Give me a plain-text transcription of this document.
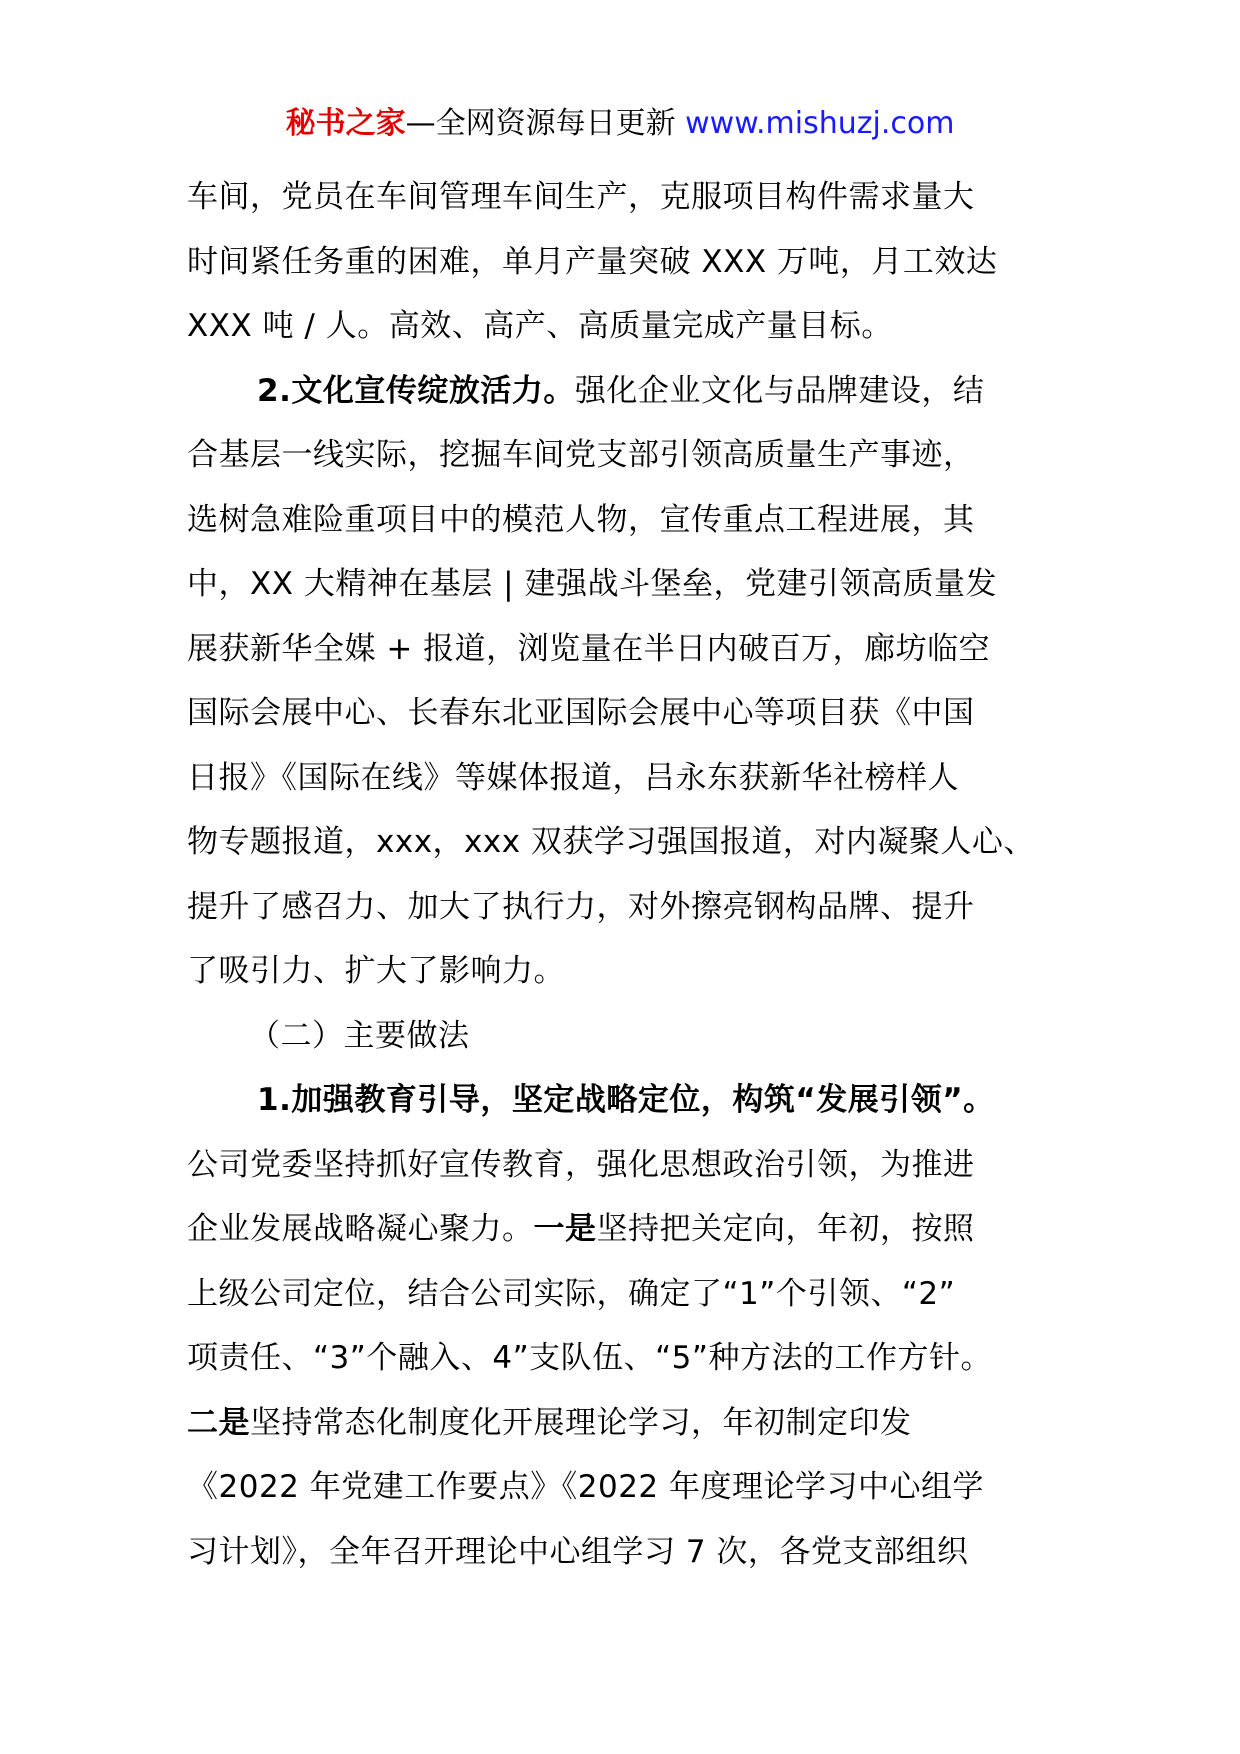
秘书之家—全网资源每日更新 www.mishuzj.com
车间，党员在车间管理车间生产，克服项目构件需求量大
时间紧任务重的困难，单月产量突破 XXX 万吨，月工效达
XXX 吨 / 人。高效、高产、高质量完成产量目标。
2.文化宣传绽放活力。强化企业文化与品牌建设，结
合基层一线实际，挖掘车间党支部引领高质量生产事迹，
选树急难险重项目中的模范人物，宣传重点工程进展，其
中，XX 大精神在基层 | 建强战斗堡垒，党建引领高质量发
展获新华全媒 + 报道，浏览量在半日内破百万，廊坊临空
国际会展中心、长春东北亚国际会展中心等项目获《中国
日报》《国际在线》等媒体报道，吕永东获新华社榜样人
物专题报道，xxx，xxx 双获学习强国报道，对内凝聚人心、
提升了感召力、加大了执行力，对外擦亮钢构品牌、提升
了吸引力、扩大了影响力。
（二）主要做法
1.加强教育引导，坚定战略定位，构筑“发展引领”。
公司党委坚持抓好宣传教育，强化思想政治引领，为推进
企业发展战略凝心聚力。一是坚持把关定向，年初，按照
上级公司定位，结合公司实际，确定了“1”个引领、“2”
项责任、“3”个融入、4”支队伍、“5”种方法的工作方针。
二是坚持常态化制度化开展理论学习，年初制定印发
《2022 年党建工作要点》《2022 年度理论学习中心组学
习计划》，全年召开理论中心组学习 7 次，各党支部组织
